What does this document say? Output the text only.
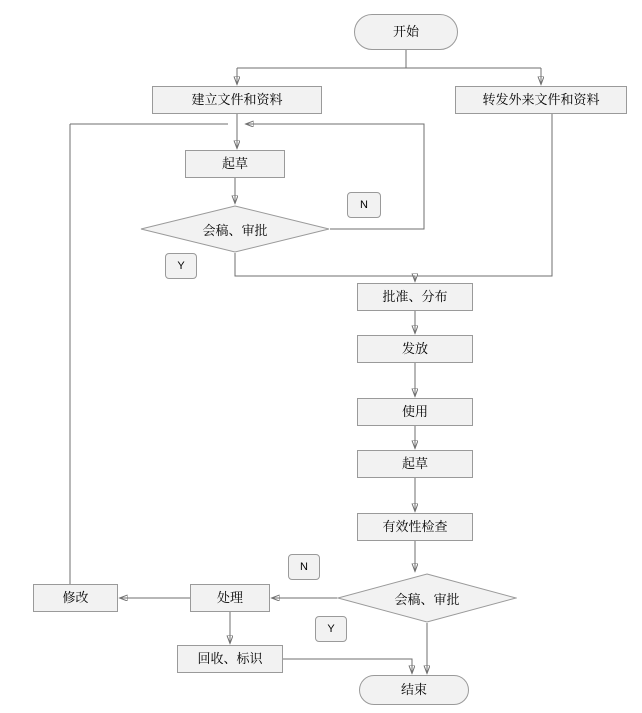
开始
建立文件和资料	转发外来文件和资料
起草
会稿、审批
批准、分布
发放
使用
起草
有效性检查
会稿、审批
处理
修改
回收、标识
结束
N
Y
N
Y
